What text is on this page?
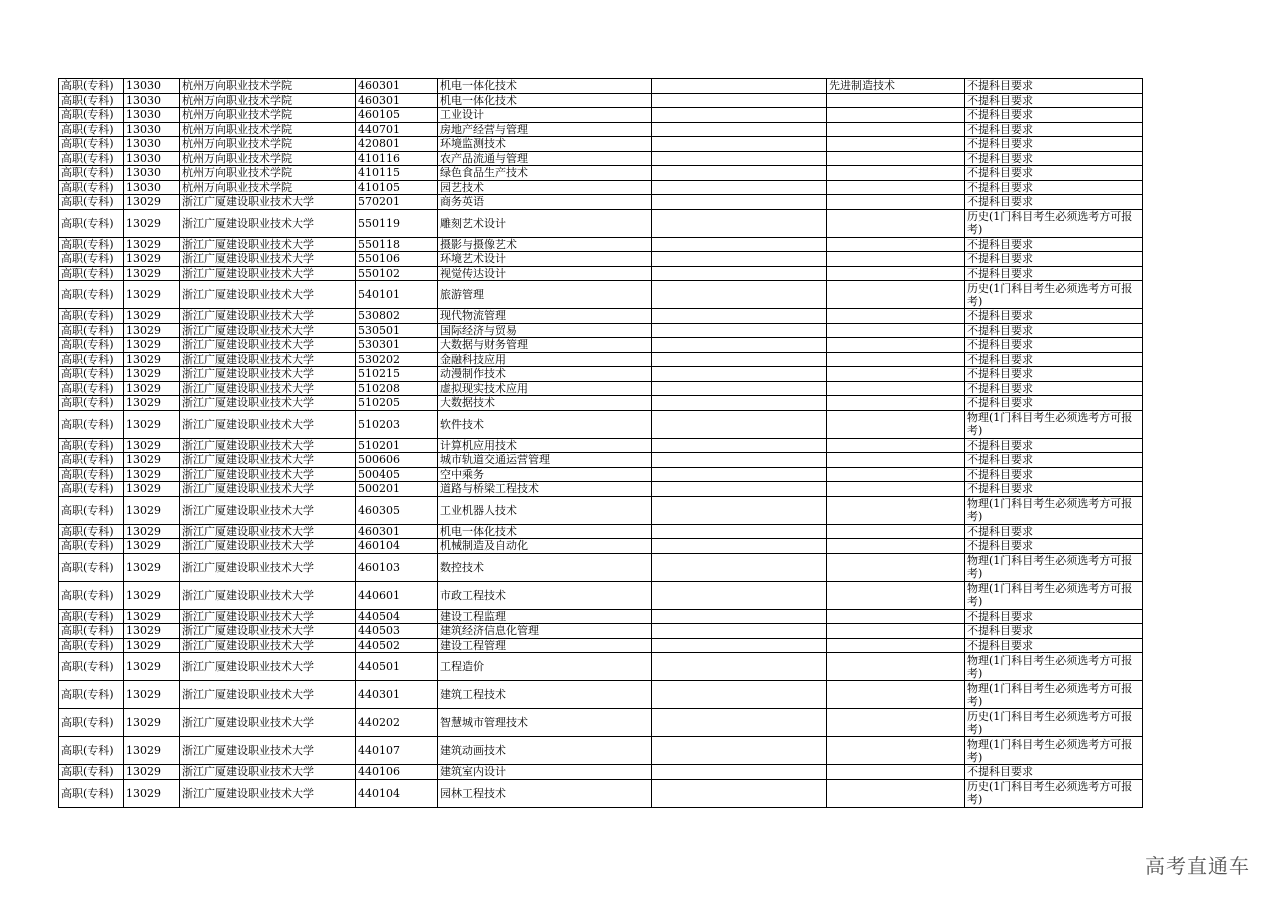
高职(专科)	13030	杭州万向职业技术学院	460301	机电一体化技术		先进制造技术	不提科目要求
高职(专科)	13030	杭州万向职业技术学院	460301	机电一体化技术			不提科目要求
高职(专科)	13030	杭州万向职业技术学院	460105	工业设计			不提科目要求
高职(专科)	13030	杭州万向职业技术学院	440701	房地产经营与管理			不提科目要求
高职(专科)	13030	杭州万向职业技术学院	420801	环境监测技术			不提科目要求
高职(专科)	13030	杭州万向职业技术学院	410116	农产品流通与管理			不提科目要求
高职(专科)	13030	杭州万向职业技术学院	410115	绿色食品生产技术			不提科目要求
高职(专科)	13030	杭州万向职业技术学院	410105	园艺技术			不提科目要求
高职(专科)	13029	浙江广厦建设职业技术大学	570201	商务英语			不提科目要求
高职(专科)	13029	浙江广厦建设职业技术大学	550119	雕刻艺术设计			历史(1门科目考生必须选考方可报考)
高职(专科)	13029	浙江广厦建设职业技术大学	550118	摄影与摄像艺术			不提科目要求
高职(专科)	13029	浙江广厦建设职业技术大学	550106	环境艺术设计			不提科目要求
高职(专科)	13029	浙江广厦建设职业技术大学	550102	视觉传达设计			不提科目要求
高职(专科)	13029	浙江广厦建设职业技术大学	540101	旅游管理			历史(1门科目考生必须选考方可报考)
高职(专科)	13029	浙江广厦建设职业技术大学	530802	现代物流管理			不提科目要求
高职(专科)	13029	浙江广厦建设职业技术大学	530501	国际经济与贸易			不提科目要求
高职(专科)	13029	浙江广厦建设职业技术大学	530301	大数据与财务管理			不提科目要求
高职(专科)	13029	浙江广厦建设职业技术大学	530202	金融科技应用			不提科目要求
高职(专科)	13029	浙江广厦建设职业技术大学	510215	动漫制作技术			不提科目要求
高职(专科)	13029	浙江广厦建设职业技术大学	510208	虚拟现实技术应用			不提科目要求
高职(专科)	13029	浙江广厦建设职业技术大学	510205	大数据技术			不提科目要求
高职(专科)	13029	浙江广厦建设职业技术大学	510203	软件技术			物理(1门科目考生必须选考方可报考)
高职(专科)	13029	浙江广厦建设职业技术大学	510201	计算机应用技术			不提科目要求
高职(专科)	13029	浙江广厦建设职业技术大学	500606	城市轨道交通运营管理			不提科目要求
高职(专科)	13029	浙江广厦建设职业技术大学	500405	空中乘务			不提科目要求
高职(专科)	13029	浙江广厦建设职业技术大学	500201	道路与桥梁工程技术			不提科目要求
高职(专科)	13029	浙江广厦建设职业技术大学	460305	工业机器人技术			物理(1门科目考生必须选考方可报考)
高职(专科)	13029	浙江广厦建设职业技术大学	460301	机电一体化技术			不提科目要求
高职(专科)	13029	浙江广厦建设职业技术大学	460104	机械制造及自动化			不提科目要求
高职(专科)	13029	浙江广厦建设职业技术大学	460103	数控技术			物理(1门科目考生必须选考方可报考)
高职(专科)	13029	浙江广厦建设职业技术大学	440601	市政工程技术			物理(1门科目考生必须选考方可报考)
高职(专科)	13029	浙江广厦建设职业技术大学	440504	建设工程监理			不提科目要求
高职(专科)	13029	浙江广厦建设职业技术大学	440503	建筑经济信息化管理			不提科目要求
高职(专科)	13029	浙江广厦建设职业技术大学	440502	建设工程管理			不提科目要求
高职(专科)	13029	浙江广厦建设职业技术大学	440501	工程造价			物理(1门科目考生必须选考方可报考)
高职(专科)	13029	浙江广厦建设职业技术大学	440301	建筑工程技术			物理(1门科目考生必须选考方可报考)
高职(专科)	13029	浙江广厦建设职业技术大学	440202	智慧城市管理技术			历史(1门科目考生必须选考方可报考)
高职(专科)	13029	浙江广厦建设职业技术大学	440107	建筑动画技术			物理(1门科目考生必须选考方可报考)
高职(专科)	13029	浙江广厦建设职业技术大学	440106	建筑室内设计			不提科目要求
高职(专科)	13029	浙江广厦建设职业技术大学	440104	园林工程技术			历史(1门科目考生必须选考方可报考)
高考直通车
